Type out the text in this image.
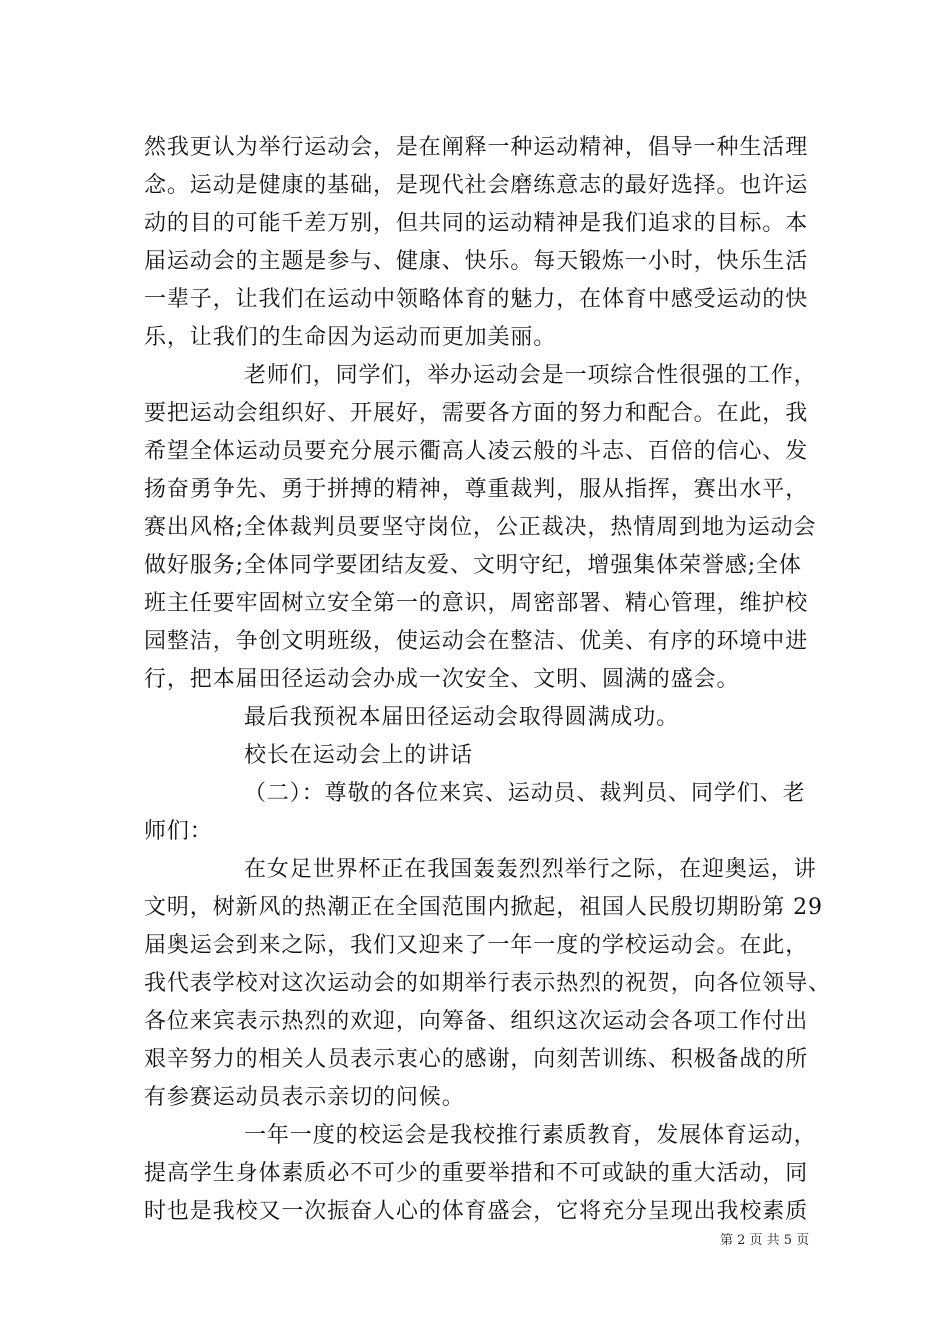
然我更认为举行运动会，是在阐释一种运动精神，倡导一种生活理
念。运动是健康的基础，是现代社会磨练意志的最好选择。也许运
动的目的可能千差万别，但共同的运动精神是我们追求的目标。本
届运动会的主题是参与、健康、快乐。每天锻炼一小时，快乐生活
一辈子，让我们在运动中领略体育的魅力，在体育中感受运动的快
乐，让我们的生命因为运动而更加美丽。
老师们，同学们，举办运动会是一项综合性很强的工作，
要把运动会组织好、开展好，需要各方面的努力和配合。在此，我
希望全体运动员要充分展示衢高人凌云般的斗志、百倍的信心、发
扬奋勇争先、勇于拼搏的精神，尊重裁判，服从指挥，赛出水平，
赛出风格;全体裁判员要坚守岗位，公正裁决，热情周到地为运动会
做好服务;全体同学要团结友爱、文明守纪，增强集体荣誉感;全体
班主任要牢固树立安全第一的意识，周密部署、精心管理，维护校
园整洁，争创文明班级，使运动会在整洁、优美、有序的环境中进
行，把本届田径运动会办成一次安全、文明、圆满的盛会。
最后我预祝本届田径运动会取得圆满成功。
校长在运动会上的讲话
（二）：尊敬的各位来宾、运动员、裁判员、同学们、老
师们：
在女足世界杯正在我国轰轰烈烈举行之际，在迎奥运，讲
文明，树新风的热潮正在全国范围内掀起，祖国人民殷切期盼第 29
届奥运会到来之际，我们又迎来了一年一度的学校运动会。在此，
我代表学校对这次运动会的如期举行表示热烈的祝贺，向各位领导、
各位来宾表示热烈的欢迎，向筹备、组织这次运动会各项工作付出
艰辛努力的相关人员表示衷心的感谢，向刻苦训练、积极备战的所
有参赛运动员表示亲切的问候。
一年一度的校运会是我校推行素质教育，发展体育运动，
提高学生身体素质必不可少的重要举措和不可或缺的重大活动，同
时也是我校又一次振奋人心的体育盛会，它将充分呈现出我校素质
第 2 页 共 5 页
